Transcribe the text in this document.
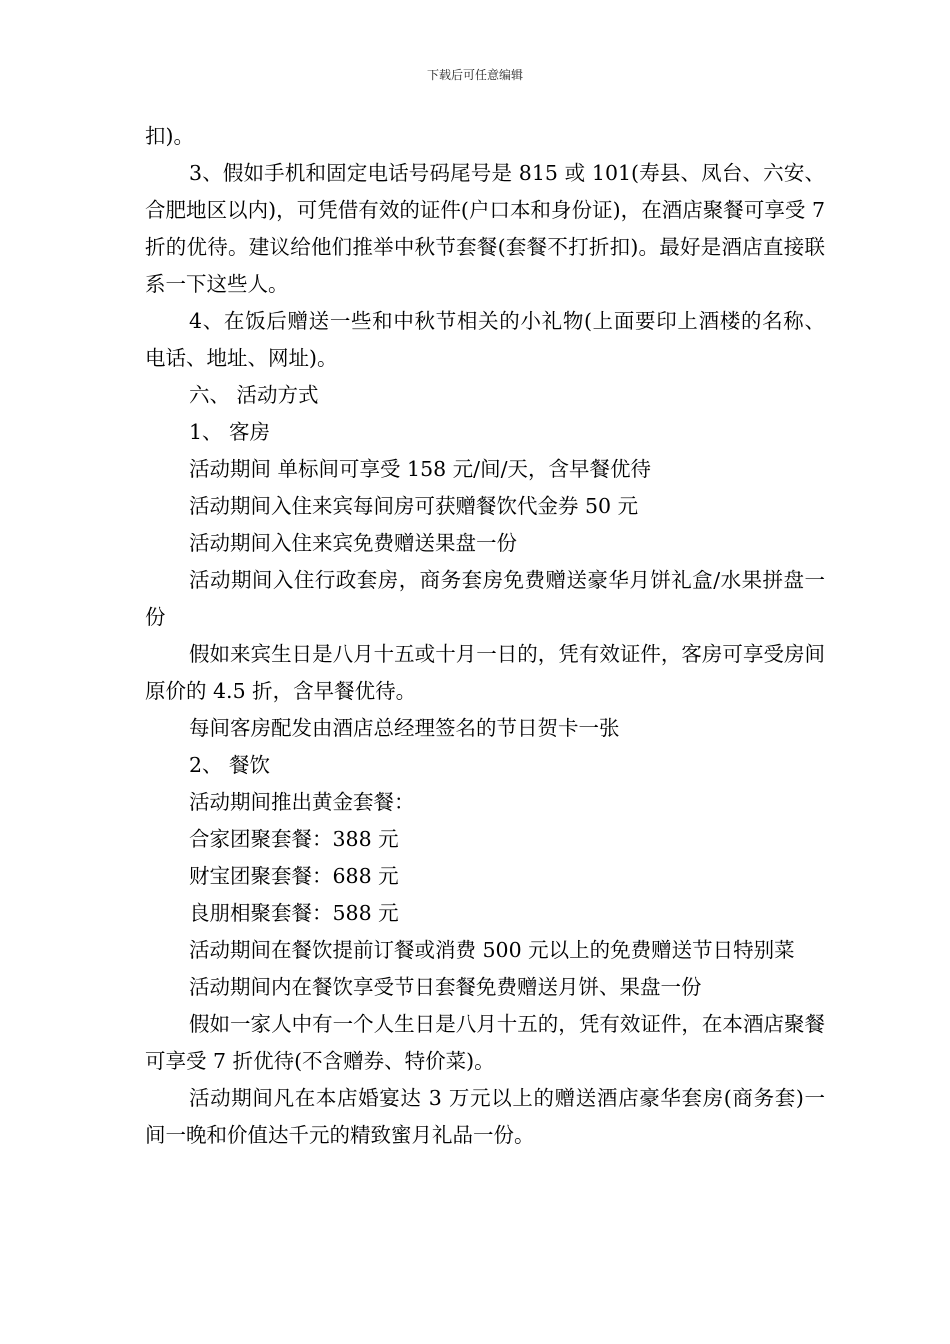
下载后可任意编辑

扣)。

3、假如手机和固定电话号码尾号是 815 或 101(寿县、凤台、六安、合肥地区以内)，可凭借有效的证件(户口本和身份证)，在酒店聚餐可享受 7 折的优待。建议给他们推举中秋节套餐(套餐不打折扣)。最好是酒店直接联系一下这些人。

4、在饭后赠送一些和中秋节相关的小礼物(上面要印上酒楼的名称、电话、地址、网址)。

六、 活动方式

1、 客房

活动期间 单标间可享受 158 元/间/天，含早餐优待

活动期间入住来宾每间房可获赠餐饮代金券 50 元

活动期间入住来宾免费赠送果盘一份

活动期间入住行政套房，商务套房免费赠送豪华月饼礼盒/水果拼盘一份

假如来宾生日是八月十五或十月一日的，凭有效证件，客房可享受房间原价的 4.5 折，含早餐优待。

每间客房配发由酒店总经理签名的节日贺卡一张

2、 餐饮

活动期间推出黄金套餐：

合家团聚套餐：388 元

财宝团聚套餐：688 元

良朋相聚套餐：588 元

活动期间在餐饮提前订餐或消费 500 元以上的免费赠送节日特别菜

活动期间内在餐饮享受节日套餐免费赠送月饼、果盘一份

假如一家人中有一个人生日是八月十五的，凭有效证件，在本酒店聚餐可享受 7 折优待(不含赠券、特价菜)。

活动期间凡在本店婚宴达 3 万元以上的赠送酒店豪华套房(商务套)一间一晚和价值达千元的精致蜜月礼品一份。
